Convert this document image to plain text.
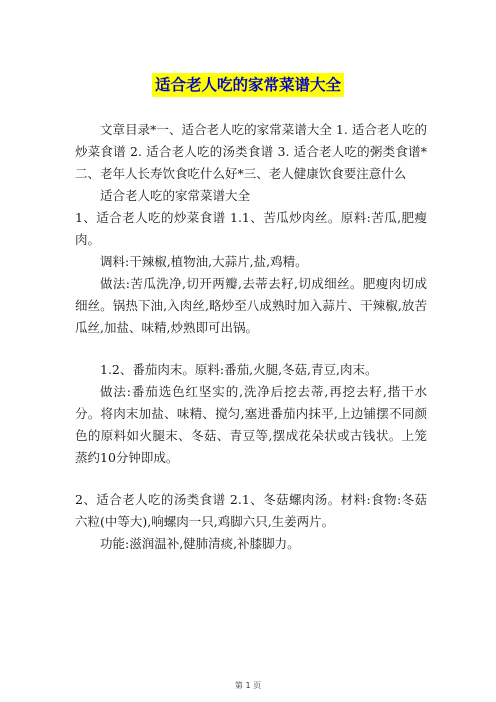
适合老人吃的家常菜谱大全

文章目录*一、适合老人吃的家常菜谱大全 1. 适合老人吃的炒菜食谱 2. 适合老人吃的汤类食谱 3. 适合老人吃的粥类食谱*二、老年人长寿饮食吃什么好*三、老人健康饮食要注意什么

适合老人吃的家常菜谱大全

1、适合老人吃的炒菜食谱 1.1、苦瓜炒肉丝。原料:苦瓜,肥瘦肉。

调料:干辣椒,植物油,大蒜片,盐,鸡精。

做法:苦瓜洗净,切开两瓣,去蒂去籽,切成细丝。肥瘦肉切成细丝。锅热下油,入肉丝,略炒至八成熟时加入蒜片、干辣椒,放苦瓜丝,加盐、味精,炒熟即可出锅。

1.2、番茄肉末。原料:番茄,火腿,冬菇,青豆,肉末。

做法:番茄选色红坚实的,洗净后挖去蒂,再挖去籽,揩干水分。将肉末加盐、味精、搅匀,塞进番茄内抹平,上边铺摆不同颜色的原料如火腿末、冬菇、青豆等,摆成花朵状或古钱状。上笼蒸约10分钟即成。

2、适合老人吃的汤类食谱 2.1、冬菇螺肉汤。材料:食物:冬菇六粒(中等大),响螺肉一只,鸡脚六只,生姜两片。

功能:滋润温补,健肺清痰,补膝脚力。

第 1 页
